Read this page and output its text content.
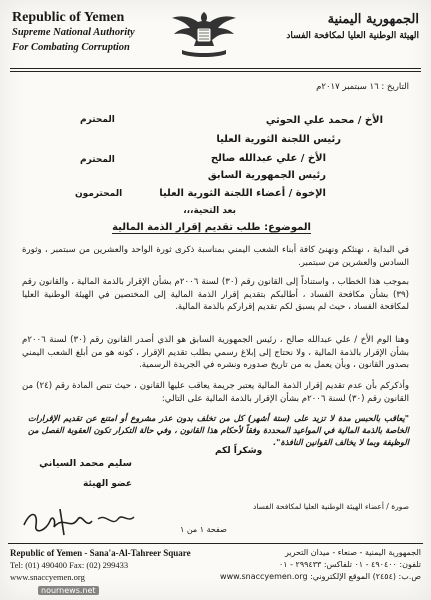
Republic of Yemen
Supreme National Authority
For Combating Corruption
الجمهورية اليمنية
الهيئة الوطنية العليا لمكافحة الفساد
التاريخ : ١٦ سبتمبر ٢٠١٧م
الأخ / محمد علي الحوثي
المحترم
رئيس اللجنة الثورية العليا
الأخ / علي عبدالله صالح
المحترم
رئيس الجمهورية السابق
الإخوة / أعضاء اللجنة الثورية العليا
المحترمون
بعد التحية،،،
الموضوع: طلب تقديم إقرار الذمة المالية
في البداية ، نهنئكم ونهنئ كافة أبناء الشعب اليمني بمناسبة ذكرى ثورة الواحد والعشرين من سبتمبر ، وثورة السادس والعشرين من سبتمبر.
بموجب هذا الخطاب ، واستناداً إلى القانون رقم (٣٠) لسنة ٢٠٠٦م بشأن الإقرار بالذمة المالية ، والقانون رقم (٣٩) بشأن مكافحة الفساد ، أطالبكم بتقديم إقرار الذمة المالية إلى المختصين في الهيئة الوطنية العليا لمكافحة الفساد ، حيث لم يسبق لكم تقديم إقراركم بالذمة المالية.
وهنا الوم الأخ / علي عبدالله صالح ، رئيس الجمهورية السابق هو الذي أصدر القانون رقم (٣٠) لسنة ٢٠٠٦م بشأن الإقرار بالذمة المالية ، ولا نحتاج إلى إبلاغ رسمي بطلب تقديم الإقرار ، كونه هو من أبلغ الشعب اليمني بصدور القانون ، وبأن يعمل به من تاريخ صدوره ونشره في الجريدة الرسمية.
وأذكركم بأن عدم تقديم إقرار الذمة المالية يعتبر جريمة يعاقب عليها القانون ، حيث تنص المادة رقم (٢٤) من القانون رقم (٣٠) لسنة ٢٠٠٦م بشأن الإقرار بالذمة المالية على التالي:
"يعاقب بالحبس مدة لا تزيد على (ستة أشهر) كل من تخلف بدون عذر مشروع أو امتنع عن تقديم الإقرارات الخاصة بالذمة المالية في المواعيد المحددة وفقاً لأحكام هذا القانون ، وفي حالة التكرار تكون العقوبة الفصل من الوظيفة وبما لا يخالف القوانين النافذة".
وشكراً لكم
سليم محمد السياني
عضو الهيئة
صورة / أعضاء الهيئة الوطنية العليا لمكافحة الفساد
صفحة ١ من ١
Republic of Yemen - Sana'a-Al-Tahreer Square
Tel: (01) 490400 Fax: (02) 299433
www.snaccyemen.org
الجمهورية اليمنية - صنعاء - ميدان التحرير
تلفون: ٤٩٠٤٠٠ - ٠١ تلفاكس: ٢٩٩٤٣٣ - ٠١
ص.ب: (٢٤٥٤) الموقع الإلكتروني: www.snaccyemen.org
nournews.net
